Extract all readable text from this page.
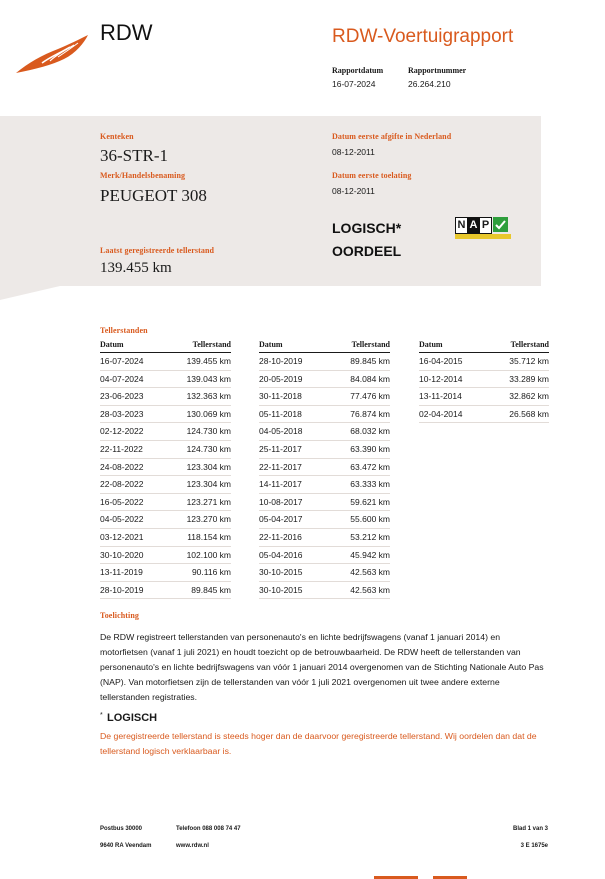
RDW	RDW-Voertuigrapport
Rapportdatum
16-07-2024
Rapportnummer
26.264.210
Kenteken
36-STR-1
Merk/Handelsbenaming
PEUGEOT 308
Laatst geregistreerde tellerstand
139.455 km
Datum eerste afgifte in Nederland
08-12-2011
Datum eerste toelating
08-12-2011
LOGISCH*
OORDEEL
N A P
Tellerstanden
Datum	Tellerstand
16-07-2024	139.455 km
04-07-2024	139.043 km
23-06-2023	132.363 km
28-03-2023	130.069 km
02-12-2022	124.730 km
22-11-2022	124.730 km
24-08-2022	123.304 km
22-08-2022	123.304 km
16-05-2022	123.271 km
04-05-2022	123.270 km
03-12-2021	118.154 km
30-10-2020	102.100 km
13-11-2019	90.116 km
28-10-2019	89.845 km
Datum	Tellerstand
28-10-2019	89.845 km
20-05-2019	84.084 km
30-11-2018	77.476 km
05-11-2018	76.874 km
04-05-2018	68.032 km
25-11-2017	63.390 km
22-11-2017	63.472 km
14-11-2017	63.333 km
10-08-2017	59.621 km
05-04-2017	55.600 km
22-11-2016	53.212 km
05-04-2016	45.942 km
30-10-2015	42.563 km
30-10-2015	42.563 km
Datum	Tellerstand
16-04-2015	35.712 km
10-12-2014	33.289 km
13-11-2014	32.862 km
02-04-2014	26.568 km
Toelichting
De RDW registreert tellerstanden van personenauto's en lichte bedrijfswagens (vanaf 1 januari 2014) en motorfietsen (vanaf 1 juli 2021) en houdt toezicht op de betrouwbaarheid. De RDW heeft de tellerstanden van personenauto's en lichte bedrijfswagens van vóór 1 januari 2014 overgenomen van de Stichting Nationale Auto Pas (NAP). Van motorfietsen zijn de tellerstanden van vóór 1 juli 2021 overgenomen uit twee andere externe tellerstanden registraties.
* LOGISCH
De geregistreerde tellerstand is steeds hoger dan de daarvoor geregistreerde tellerstand. Wij oordelen dan dat de tellerstand logisch verklaarbaar is.
Postbus 30000
9640 RA Veendam
Telefoon 088 008 74 47
www.rdw.nl
Blad 1 van 3
3 E 1675e
